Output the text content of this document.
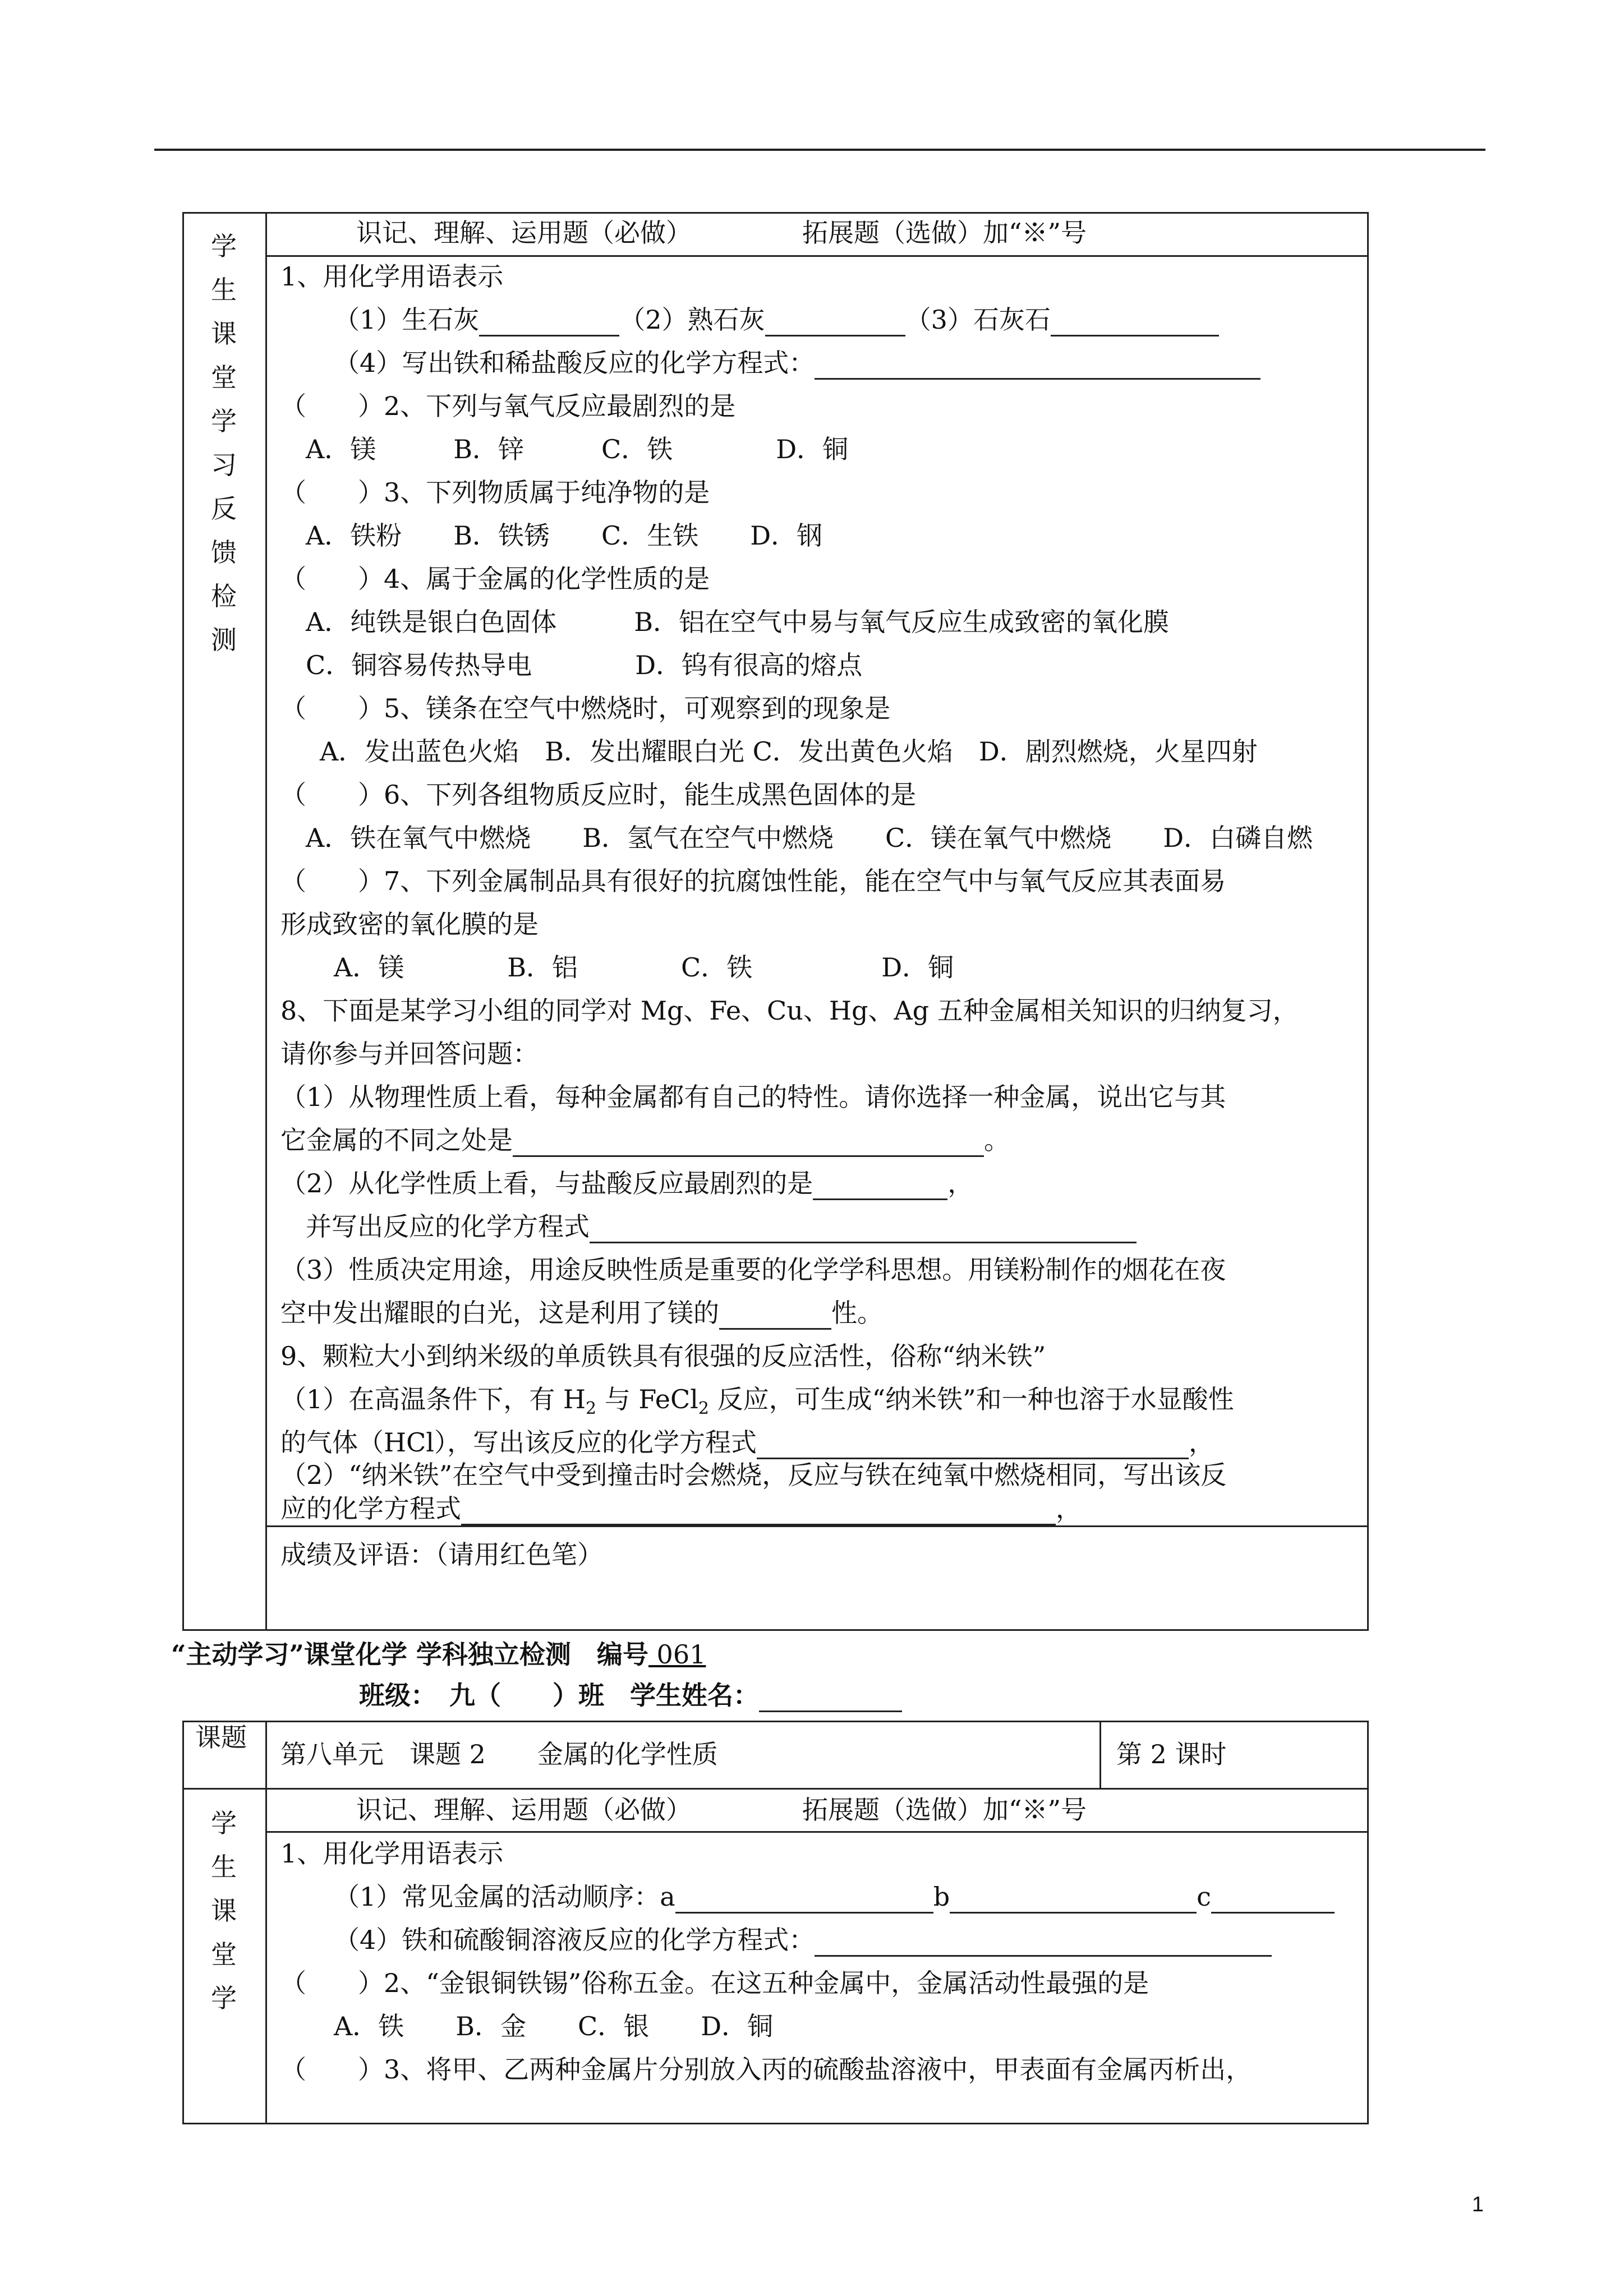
学
生
课
堂
学
习
反
馈
检
测
识记、理解、运用题（必做）	拓展题（选做）加“※”号
1、用化学用语表示
（1）生石灰	（2）熟石灰	（3）石灰石
（4）写出铁和稀盐酸反应的化学方程式：
（　　）2、下列与氧气反应最剧烈的是
A．镁　　　B．锌　　　C．铁　　　　D．铜
（　　）3、下列物质属于纯净物的是
A．铁粉　　B．铁锈　　C．生铁　　D．钢
（　　）4、属于金属的化学性质的是
A．纯铁是银白色固体　　　B．铝在空气中易与氧气反应生成致密的氧化膜
C．铜容易传热导电　　　　D．钨有很高的熔点
（　　）5、镁条在空气中燃烧时，可观察到的现象是
A．发出蓝色火焰　B．发出耀眼白光 C．发出黄色火焰　D．剧烈燃烧，火星四射
（　　）6、下列各组物质反应时，能生成黑色固体的是
A．铁在氧气中燃烧　　B．氢气在空气中燃烧　　C．镁在氧气中燃烧　　D．白磷自燃
（　　）7、下列金属制品具有很好的抗腐蚀性能，能在空气中与氧气反应其表面易
形成致密的氧化膜的是
A．镁　　　　B．铝　　　　C．铁　　　　　D．铜
8、下面是某学习小组的同学对 Mg、Fe、Cu、Hg、Ag 五种金属相关知识的归纳复习，
请你参与并回答问题：
（1）从物理性质上看，每种金属都有自己的特性。请你选择一种金属，说出它与其
它金属的不同之处是	。
（2）从化学性质上看，与盐酸反应最剧烈的是	，
并写出反应的化学方程式
（3）性质决定用途，用途反映性质是重要的化学学科思想。用镁粉制作的烟花在夜
空中发出耀眼的白光，这是利用了镁的	性。
9、颗粒大小到纳米级的单质铁具有很强的反应活性，俗称“纳米铁”
（1）在高温条件下，有 $H_2$ 与 FeCl$_2$ 反应，可生成“纳米铁”和一种也溶于水显酸性
的气体（HCl），写出该反应的化学方程式	，
（2）“纳米铁”在空气中受到撞击时会燃烧，反应与铁在纯氧中燃烧相同，写出该反
应的化学方程式	，
成绩及评语：（请用红色笔）
“主动学习”课堂化学 学科独立检测　编号 061
班级：　九（　　）班　学生姓名：
课题
第八单元　课题 2　　金属的化学性质	第 2 课时
学
生
课
堂
学
识记、理解、运用题（必做）	拓展题（选做）加“※”号
1、用化学用语表示
（1）常见金属的活动顺序：a	b	c
（4）铁和硫酸铜溶液反应的化学方程式：
（　　）2、“金银铜铁锡”俗称五金。在这五种金属中，金属活动性最强的是
A．铁　　B．金　　C．银　　D．铜
（　　）3、将甲、乙两种金属片分别放入丙的硫酸盐溶液中，甲表面有金属丙析出，
1
